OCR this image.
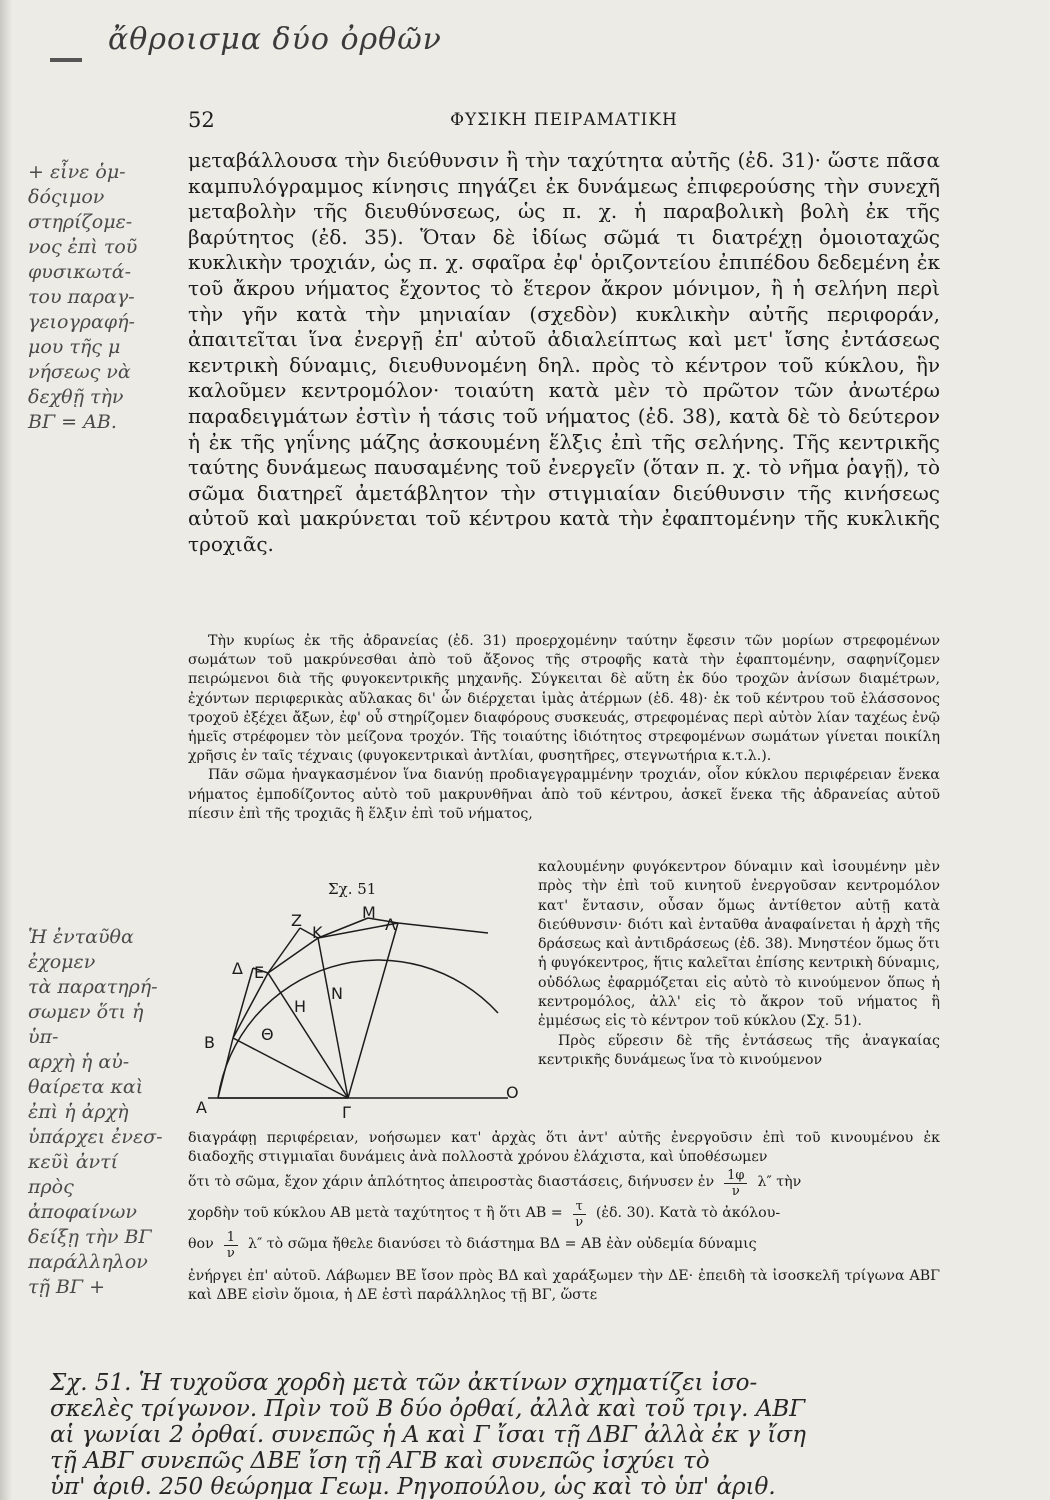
ἄθροισμα δύο ὀρθῶν
+ εἶνε ὁμ-
δόςιμον
στηρίζομε-
νος ἐπὶ τοῦ
φυσικωτά-
του παραγ-
γειογραφή-
μου τῆς μ
νήσεως νὰ
δεχθῇ τὴν
ΒΓ = ΑΒ.
Ἡ ἐνταῦθα ἐχομεν
τὰ παρατηρή-
σωμεν ὅτι ἡ ὑπ-
αρχὴ ἡ αὐ-
θαίρετα καὶ
ἐπὶ ἡ ἀρχὴ
ὑπάρχει ἐνεσ-
κεῦὶ ἀντί
πρὸς ἀποφαίνων
δείξῃ τὴν ΒΓ
παράλληλον
τῇ ΒΓ +
52	ΦΥΣΙΚΗ ΠΕΙΡΑΜΑΤΙΚΗ

μεταβάλλουσα τὴν διεύθυνσιν ἢ τὴν ταχύτητα αὐτῆς (ἐδ. 31)· ὥστε πᾶσα καμπυλόγραμμος κίνησις πηγάζει ἐκ δυνάμεως ἐπιφερούσης τὴν συνεχῆ μεταβολὴν τῆς διευθύνσεως, ὡς π. χ. ἡ παραβολικὴ βολὴ ἐκ τῆς βαρύτητος (ἐδ. 35). Ὅταν δὲ ἰδίως σῶμά τι διατρέχῃ ὁμοιοταχῶς κυκλικὴν τροχιάν, ὡς π. χ. σφαῖρα ἐφ' ὁριζοντείου ἐπιπέδου δεδεμένη ἐκ τοῦ ἄκρου νήματος ἔχοντος τὸ ἕτερον ἄκρον μόνιμον, ἢ ἡ σελήνη περὶ τὴν γῆν κατὰ τὴν μηνιαίαν (σχεδὸν) κυκλικὴν αὐτῆς περιφοράν, ἀπαιτεῖται ἵνα ἐνεργῇ ἐπ' αὐτοῦ ἀδιαλείπτως καὶ μετ' ἴσης ἐντάσεως κεντρικὴ δύναμις, διευθυνομένη δηλ. πρὸς τὸ κέντρον τοῦ κύκλου, ἣν καλοῦμεν κεντρομόλον· τοιαύτη κατὰ μὲν τὸ πρῶτον τῶν ἀνωτέρω παραδειγμάτων ἐστὶν ἡ τάσις τοῦ νήματος (ἐδ. 38), κατὰ δὲ τὸ δεύτερον ἡ ἐκ τῆς γηΐνης μάζης ἀσκουμένη ἕλξις ἐπὶ τῆς σελήνης. Τῆς κεντρικῆς ταύτης δυνάμεως παυσαμένης τοῦ ἐνεργεῖν (ὅταν π. χ. τὸ νῆμα ῥαγῇ), τὸ σῶμα διατηρεῖ ἀμετάβλητον τὴν στιγμιαίαν διεύθυνσιν τῆς κινήσεως αὐτοῦ καὶ μακρύνεται τοῦ κέντρου κατὰ τὴν ἐφαπτομένην τῆς κυκλικῆς τροχιᾶς.

Τὴν κυρίως ἐκ τῆς ἀδρανείας (ἐδ. 31) προερχομένην ταύτην ἔφεσιν τῶν μορίων στρεφομένων σωμάτων τοῦ μακρύνεσθαι ἀπὸ τοῦ ἄξονος τῆς στροφῆς κατὰ τὴν ἐφαπτομένην, σαφηνίζομεν πειρώμενοι διὰ τῆς φυγοκεντρικῆς μηχανῆς. Σύγκειται δὲ αὕτη ἐκ δύο τροχῶν ἀνίσων διαμέτρων, ἐχόντων περιφερικὰς αὔλακας δι' ὧν διέρχεται ἱμὰς ἀτέρμων (ἐδ. 48)· ἐκ τοῦ κέντρου τοῦ ἐλάσσονος τροχοῦ ἐξέχει ἄξων, ἐφ' οὗ στηρίζομεν διαφόρους συσκευάς, στρεφομένας περὶ αὐτὸν λίαν ταχέως ἐνῷ ἡμεῖς στρέφομεν τὸν μείζονα τροχόν. Τῆς τοιαύτης ἰδιότητος στρεφομένων σωμάτων γίνεται ποικίλη χρῆσις ἐν ταῖς τέχναις (φυγοκεντρικαὶ ἀντλίαι, φυσητῆρες, στεγνωτήρια κ.τ.λ.).

Πᾶν σῶμα ἠναγκασμένον ἵνα διανύῃ προδιαγεγραμμένην τροχιάν, οἷον κύκλου περιφέρειαν ἕνεκα νήματος ἐμποδίζοντος αὐτὸ τοῦ μακρυνθῆναι ἀπὸ τοῦ κέντρου, ἀσκεῖ ἕνεκα τῆς ἀδρανείας αὐτοῦ πίεσιν ἐπὶ τῆς τροχιᾶς ἢ ἕλξιν ἐπὶ τοῦ νήματος,

Σχ. 51
Α
Β
Δ Ε
Ζ
Κ
Μ
Λ
Ν
Η
Θ
Γ
Ο

καλουμένην φυγόκεντρον δύναμιν καὶ ἰσουμένην μὲν πρὸς τὴν ἐπὶ τοῦ κινητοῦ ἐνεργοῦσαν κεντρομόλον κατ' ἔντασιν, οὖσαν ὅμως ἀντίθετον αὐτῇ κατὰ διεύθυνσιν· διότι καὶ ἐνταῦθα ἀναφαίνεται ἡ ἀρχὴ τῆς δράσεως καὶ ἀντιδράσεως (ἐδ. 38). Μνηστέον ὅμως ὅτι ἡ φυγόκεντρος, ἥτις καλεῖται ἐπίσης κεντρικὴ δύναμις, οὐδόλως ἐφαρμόζεται εἰς αὐτὸ τὸ κινούμενον ὅπως ἡ κεντρομόλος, ἀλλ' εἰς τὸ ἄκρον τοῦ νήματος ἢ ἐμμέσως εἰς τὸ κέντρον τοῦ κύκλου (Σχ. 51).

Πρὸς εὕρεσιν δὲ τῆς ἐντάσεως τῆς ἀναγκαίας κεντρικῆς δυνάμεως ἵνα τὸ κινούμενον

διαγράφῃ περιφέρειαν, νοήσωμεν κατ' ἀρχὰς ὅτι ἀντ' αὐτῆς ἐνεργοῦσιν ἐπὶ τοῦ κινουμένου ἐκ διαδοχῆς στιγμιαῖαι δυνάμεις ἀνὰ πολλοστὰ χρόνου ἐλάχιστα, καὶ ὑποθέσωμεν

ὅτι τὸ σῶμα, ἔχον χάριν ἁπλότητος ἀπειροστὰς διαστάσεις, διήνυσεν ἐν $\frac{1\varphi}{\nu} \lambda''$ τὴν

χορδὴν τοῦ κύκλου ΑΒ μετὰ ταχύτητος τ ἢ ὅτι $AB = \frac{\tau}{\nu}$ (ἐδ. 30). Κατὰ τὸ ἀκόλου-

θον $\frac{1}{\nu} \lambda''$ τὸ σῶμα ἤθελε διανύσει τὸ διάστημα ΒΔ = ΑΒ ἐὰν οὐδεμία δύναμις

ἐνήργει ἐπ' αὐτοῦ. Λάβωμεν ΒΕ ἴσον πρὸς ΒΔ καὶ χαράξωμεν τὴν ΔΕ· ἐπειδὴ τὰ ἰσοσκελῆ τρίγωνα ΑΒΓ καὶ ΔΒΕ εἰσὶν ὅμοια, ἡ ΔΕ ἐστὶ παράλληλος τῇ ΒΓ, ὥστε

Σχ. 51. Ἡ τυχοῦσα χορδὴ μετὰ τῶν ἀκτίνων σχηματίζει ἰσο-

σκελὲς τρίγωνον. Πρὶν τοῦ Β δύο ὀρθαί, ἀλλὰ καὶ τοῦ τριγ. ΑΒΓ

αἱ γωνίαι 2 ὀρθαί. συνεπῶς ἡ Α καὶ Γ ἴσαι τῇ ΔΒΓ ἀλλὰ ἐκ γ ἴση

τῇ ΑΒΓ συνεπῶς ΔΒΕ ἴση τῇ ΑΓΒ καὶ συνεπῶς ἰσχύει τὸ

ὑπ' ἀριθ. 250 θεώρημα Γεωμ. Ρηγοπούλου, ὡς καὶ τὸ ὑπ' ἀριθ.
